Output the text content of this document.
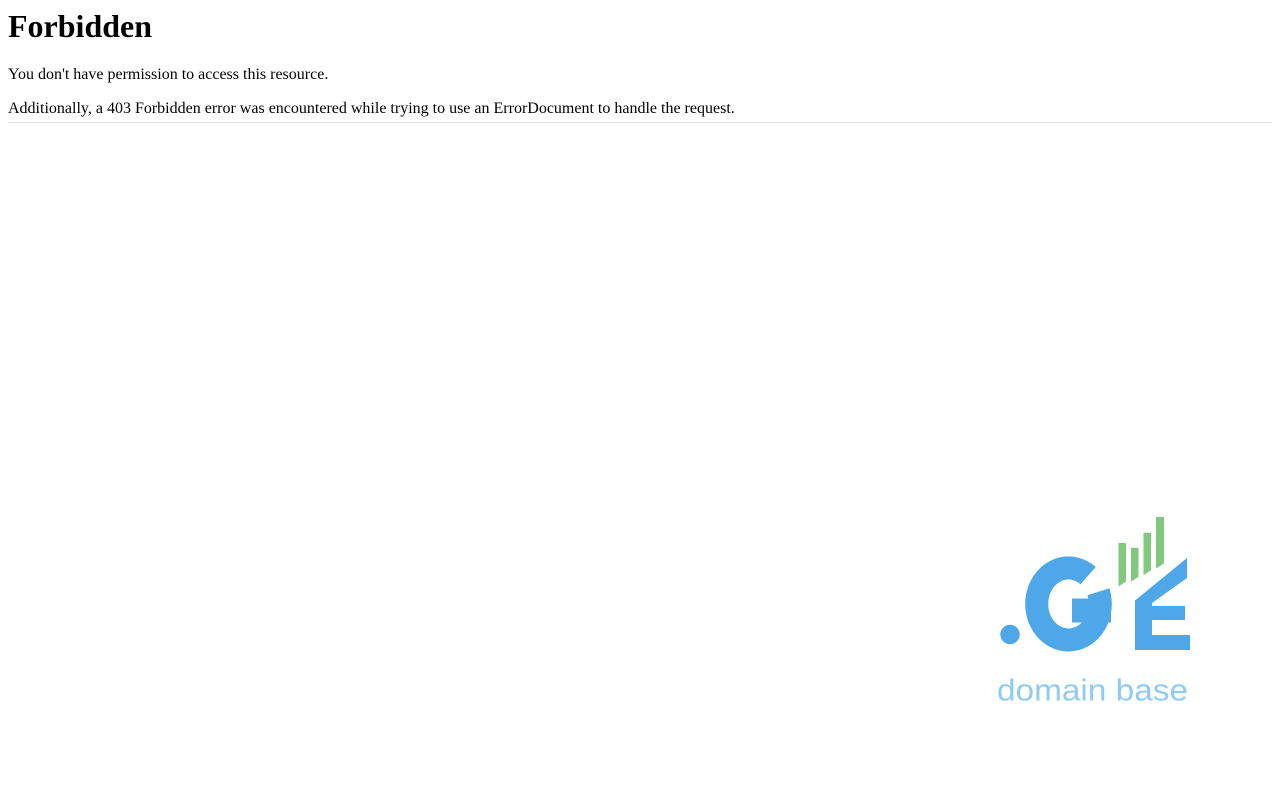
Forbidden

You don't have permission to access this resource.

Additionally, a 403 Forbidden error was encountered while trying to use an ErrorDocument to handle the request.

domain base
